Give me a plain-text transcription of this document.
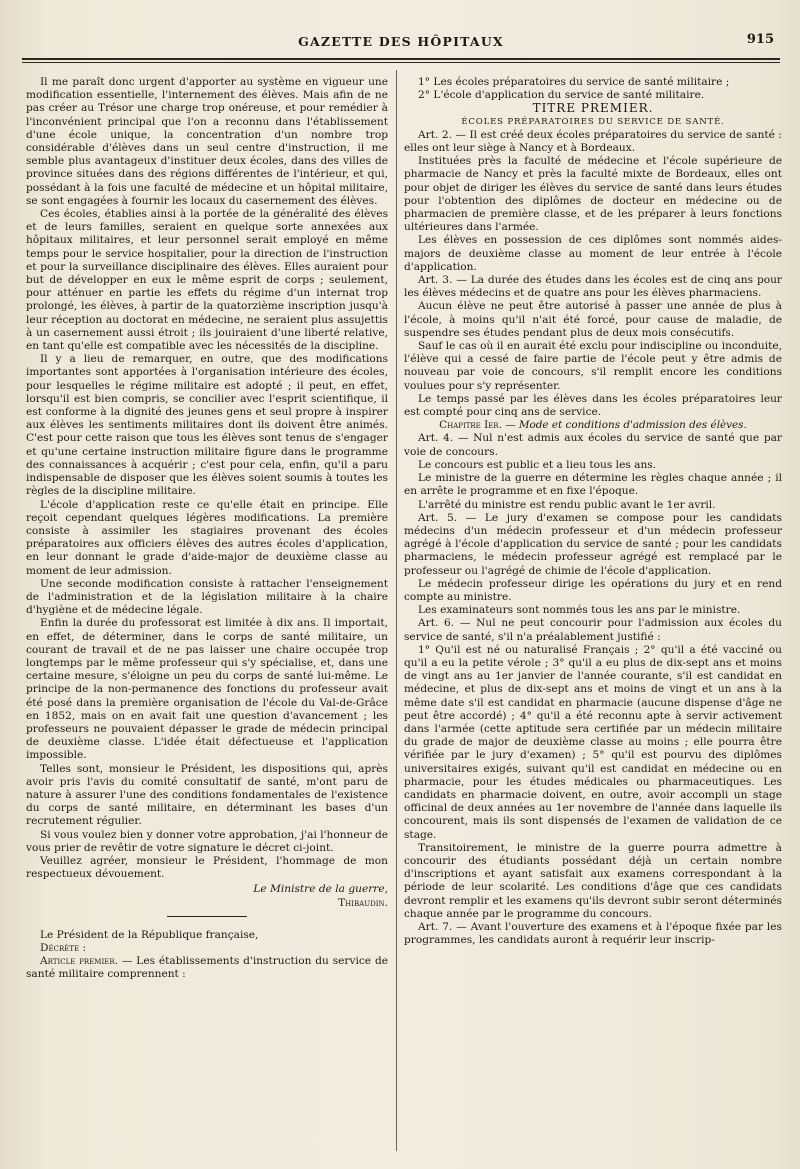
GAZETTE DES HÔPITAUX	915

Il me paraît donc urgent d'apporter au système en vigueur une modification essentielle, l'internement des élèves. Mais afin de ne pas créer au Trésor une charge trop onéreuse, et pour remédier à l'inconvénient principal que l'on a reconnu dans l'établissement d'une école unique, la concentration d'un nombre trop considérable d'élèves dans un seul centre d'instruction, il me semble plus avantageux d'instituer deux écoles, dans des villes de province situées dans des régions différentes de l'intérieur, et qui, possédant à la fois une faculté de médecine et un hôpital militaire, se sont engagées à fournir les locaux du casernement des élèves.

Ces écoles, établies ainsi à la portée de la généralité des élèves et de leurs familles, seraient en quelque sorte annexées aux hôpitaux militaires, et leur personnel serait employé en même temps pour le service hospitalier, pour la direction de l'instruction et pour la surveillance disciplinaire des élèves. Elles auraient pour but de développer en eux le même esprit de corps ; seulement, pour atténuer en partie les effets du régime d'un internat trop prolongé, les élèves, à partir de la quatorzième inscription jusqu'à leur réception au doctorat en médecine, ne seraient plus assujettis à un casernement aussi étroit ; ils jouiraient d'une liberté relative, en tant qu'elle est compatible avec les nécessités de la discipline.

Il y a lieu de remarquer, en outre, que des modifications importantes sont apportées à l'organisation intérieure des écoles, pour lesquelles le régime militaire est adopté ; il peut, en effet, lorsqu'il est bien compris, se concilier avec l'esprit scientifique, il est conforme à la dignité des jeunes gens et seul propre à inspirer aux élèves les sentiments militaires dont ils doivent être animés. C'est pour cette raison que tous les élèves sont tenus de s'engager et qu'une certaine instruction militaire figure dans le programme des connaissances à acquérir ; c'est pour cela, enfin, qu'il a paru indispensable de disposer que les élèves soient soumis à toutes les règles de la discipline militaire.

L'école d'application reste ce qu'elle était en principe. Elle reçoit cependant quelques légères modifications. La première consiste à assimiler les stagiaires provenant des écoles préparatoires aux officiers élèves des autres écoles d'application, en leur donnant le grade d'aide-major de deuxième classe au moment de leur admission.

Une seconde modification consiste à rattacher l'enseignement de l'administration et de la législation militaire à la chaire d'hygiène et de médecine légale.

Enfin la durée du professorat est limitée à dix ans. Il importait, en effet, de déterminer, dans le corps de santé militaire, un courant de travail et de ne pas laisser une chaire occupée trop longtemps par le même professeur qui s'y spécialise, et, dans une certaine mesure, s'éloigne un peu du corps de santé lui-même. Le principe de la non-permanence des fonctions du professeur avait été posé dans la première organisation de l'école du Val-de-Grâce en 1852, mais on en avait fait une question d'avancement ; les professeurs ne pouvaient dépasser le grade de médecin principal de deuxième classe. L'idée était défectueuse et l'application impossible.

Telles sont, monsieur le Président, les dispositions qui, après avoir pris l'avis du comité consultatif de santé, m'ont paru de nature à assurer l'une des conditions fondamentales de l'existence du corps de santé militaire, en déterminant les bases d'un recrutement régulier.

Si vous voulez bien y donner votre approbation, j'ai l'honneur de vous prier de revêtir de votre signature le décret ci-joint.

Veuillez agréer, monsieur le Président, l'hommage de mon respectueux dévouement.

Le Ministre de la guerre,
Thibaudin.

Le Président de la République française,

Décrète :

Article premier. — Les établissements d'instruction du service de santé militaire comprennent :

1° Les écoles préparatoires du service de santé militaire ;

2° L'école d'application du service de santé militaire.

TITRE PREMIER.

ÉCOLES PRÉPARATOIRES DU SERVICE DE SANTÉ.

Art. 2. — Il est créé deux écoles préparatoires du service de santé : elles ont leur siège à Nancy et à Bordeaux.

Instituées près la faculté de médecine et l'école supérieure de pharmacie de Nancy et près la faculté mixte de Bordeaux, elles ont pour objet de diriger les élèves du service de santé dans leurs études pour l'obtention des diplômes de docteur en médecine ou de pharmacien de première classe, et de les préparer à leurs fonctions ultérieures dans l'armée.

Les élèves en possession de ces diplômes sont nommés aides-majors de deuxième classe au moment de leur entrée à l'école d'application.

Art. 3. — La durée des études dans les écoles est de cinq ans pour les élèves médecins et de quatre ans pour les élèves pharmaciens.

Aucun élève ne peut être autorisé à passer une année de plus à l'école, à moins qu'il n'ait été forcé, pour cause de maladie, de suspendre ses études pendant plus de deux mois consécutifs.

Sauf le cas où il en aurait été exclu pour indiscipline ou inconduite, l'élève qui a cessé de faire partie de l'école peut y être admis de nouveau par voie de concours, s'il remplit encore les conditions voulues pour s'y représenter.

Le temps passé par les élèves dans les écoles préparatoires leur est compté pour cinq ans de service.

Chapitre Ier. — Mode et conditions d'admission des élèves.

Art. 4. — Nul n'est admis aux écoles du service de santé que par voie de concours.

Le concours est public et a lieu tous les ans.

Le ministre de la guerre en détermine les règles chaque année ; il en arrête le programme et en fixe l'époque.

L'arrêté du ministre est rendu public avant le 1er avril.

Art. 5. — Le jury d'examen se compose pour les candidats médecins d'un médecin professeur et d'un médecin professeur agrégé à l'école d'application du service de santé ; pour les candidats pharmaciens, le médecin professeur agrégé est remplacé par le professeur ou l'agrégé de chimie de l'école d'application.

Le médecin professeur dirige les opérations du jury et en rend compte au ministre.

Les examinateurs sont nommés tous les ans par le ministre.

Art. 6. — Nul ne peut concourir pour l'admission aux écoles du service de santé, s'il n'a préalablement justifié :

1° Qu'il est né ou naturalisé Français ; 2° qu'il a été vacciné ou qu'il a eu la petite vérole ; 3° qu'il a eu plus de dix-sept ans et moins de vingt ans au 1er janvier de l'année courante, s'il est candidat en médecine, et plus de dix-sept ans et moins de vingt et un ans à la même date s'il est candidat en pharmacie (aucune dispense d'âge ne peut être accordé) ; 4° qu'il a été reconnu apte à servir activement dans l'armée (cette aptitude sera certifiée par un médecin militaire du grade de major de deuxième classe au moins ; elle pourra être vérifiée par le jury d'examen) ; 5° qu'il est pourvu des diplômes universitaires exigés, suivant qu'il est candidat en médecine ou en pharmacie, pour les études médicales ou pharmaceutiques. Les candidats en pharmacie doivent, en outre, avoir accompli un stage officinal de deux années au 1er novembre de l'année dans laquelle ils concourent, mais ils sont dispensés de l'examen de validation de ce stage.

Transitoirement, le ministre de la guerre pourra admettre à concourir des étudiants possédant déjà un certain nombre d'inscriptions et ayant satisfait aux examens correspondant à la période de leur scolarité. Les conditions d'âge que ces candidats devront remplir et les examens qu'ils devront subir seront déterminés chaque année par le programme du concours.

Art. 7. — Avant l'ouverture des examens et à l'époque fixée par les programmes, les candidats auront à requérir leur inscrip-
